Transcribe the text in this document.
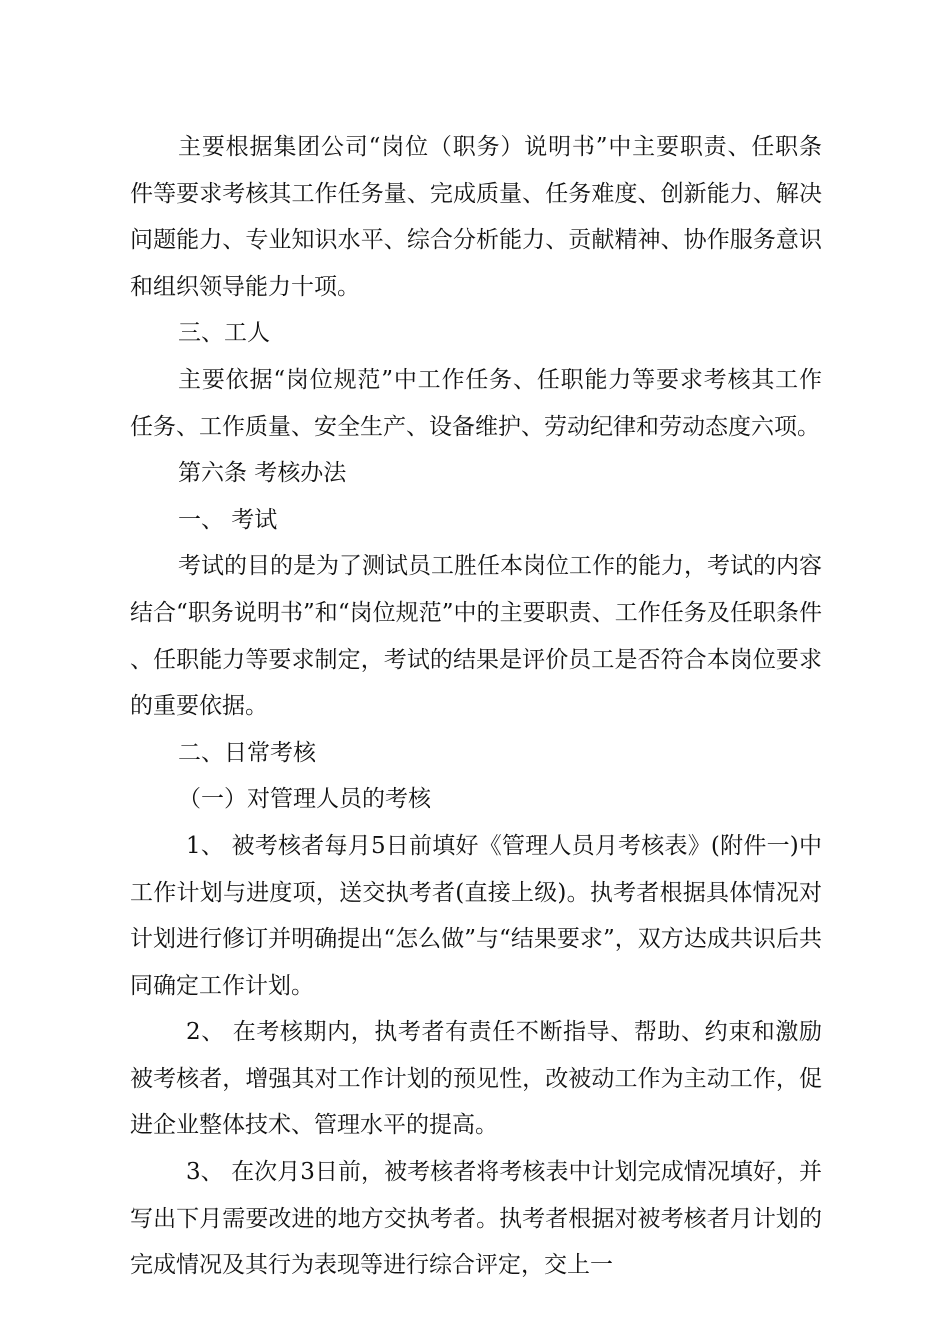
主要根据集团公司“岗位（职务）说明书”中主要职责、任职条件等要求考核其工作任务量、完成质量、任务难度、创新能力、解决问题能力、专业知识水平、综合分析能力、贡献精神、协作服务意识和组织领导能力十项。

三、工人

主要依据“岗位规范”中工作任务、任职能力等要求考核其工作任务、工作质量、安全生产、设备维护、劳动纪律和劳动态度六项。

第六条 考核办法

一、 考试

考试的目的是为了测试员工胜任本岗位工作的能力，考试的内容结合“职务说明书”和“岗位规范”中的主要职责、工作任务及任职条件、任职能力等要求制定，考试的结果是评价员工是否符合本岗位要求的重要依据。

二、日常考核

（一）对管理人员的考核

1、 被考核者每月5日前填好《管理人员月考核表》(附件一)中工作计划与进度项，送交执考者(直接上级)。执考者根据具体情况对计划进行修订并明确提出“怎么做”与“结果要求”，双方达成共识后共同确定工作计划。

2、 在考核期内，执考者有责任不断指导、帮助、约束和激励被考核者，增强其对工作计划的预见性，改被动工作为主动工作，促进企业整体技术、管理水平的提高。

3、 在次月3日前，被考核者将考核表中计划完成情况填好，并写出下月需要改进的地方交执考者。执考者根据对被考核者月计划的完成情况及其行为表现等进行综合评定，交上一
